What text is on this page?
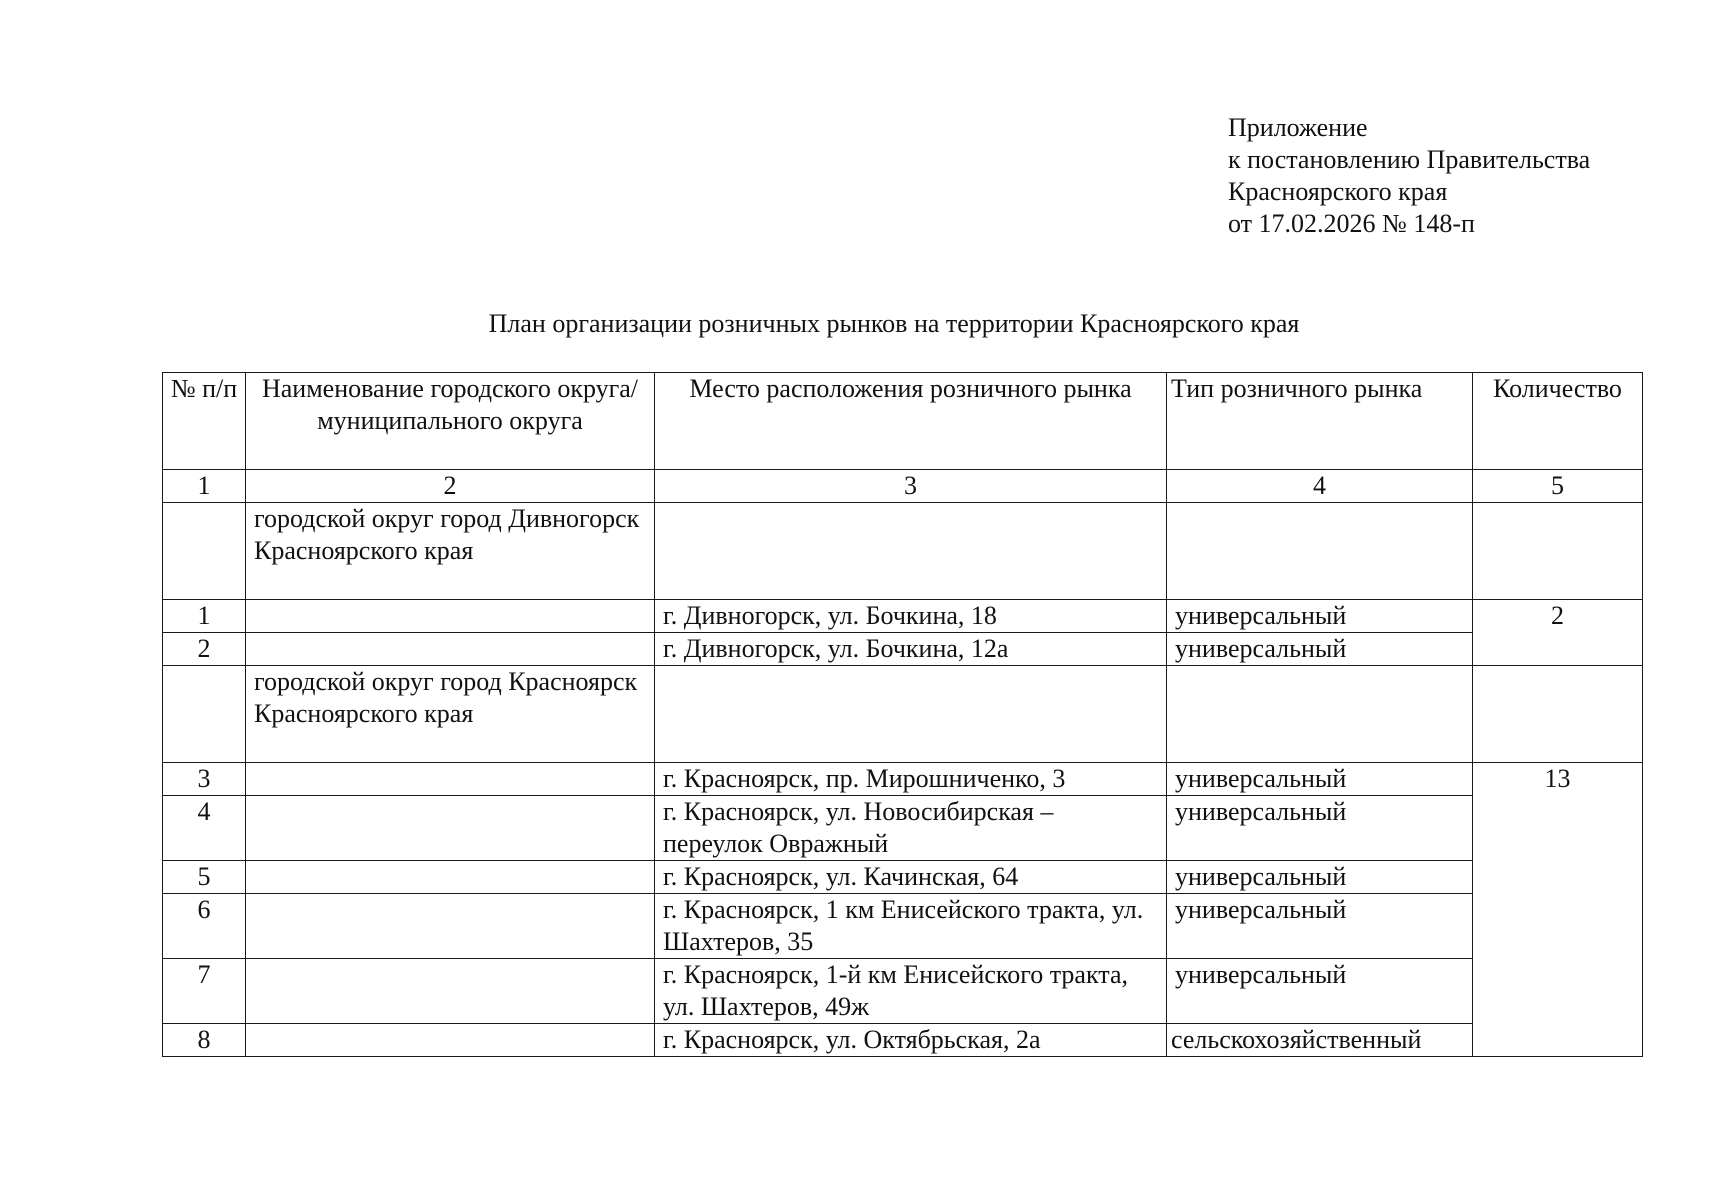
Приложение
к постановлению Правительства
Красноярского края
от 17.02.2026 № 148-п
План организации розничных рынков на территории Красноярского края
№ п/п	Наименование городского округа/ муниципального округа	Место расположения розничного рынка	Тип розничного рынка	Количество
1	2	3	4	5
	городской округ город Дивногорск Красноярского края			
1		г. Дивногорск, ул. Бочкина, 18	универсальный	2
2		г. Дивногорск, ул. Бочкина, 12а	универсальный	
	городской округ город Красноярск Красноярского края			
3		г. Красноярск, пр. Мирошниченко, 3	универсальный	13
4		г. Красноярск, ул. Новосибирская – переулок Овражный	универсальный	
5		г. Красноярск, ул. Качинская, 64	универсальный	
6		г. Красноярск, 1 км Енисейского тракта, ул. Шахтеров, 35	универсальный	
7		г. Красноярск, 1-й км Енисейского тракта, ул. Шахтеров, 49ж	универсальный	
8		г. Красноярск, ул. Октябрьская, 2а	сельскохозяйственный	
